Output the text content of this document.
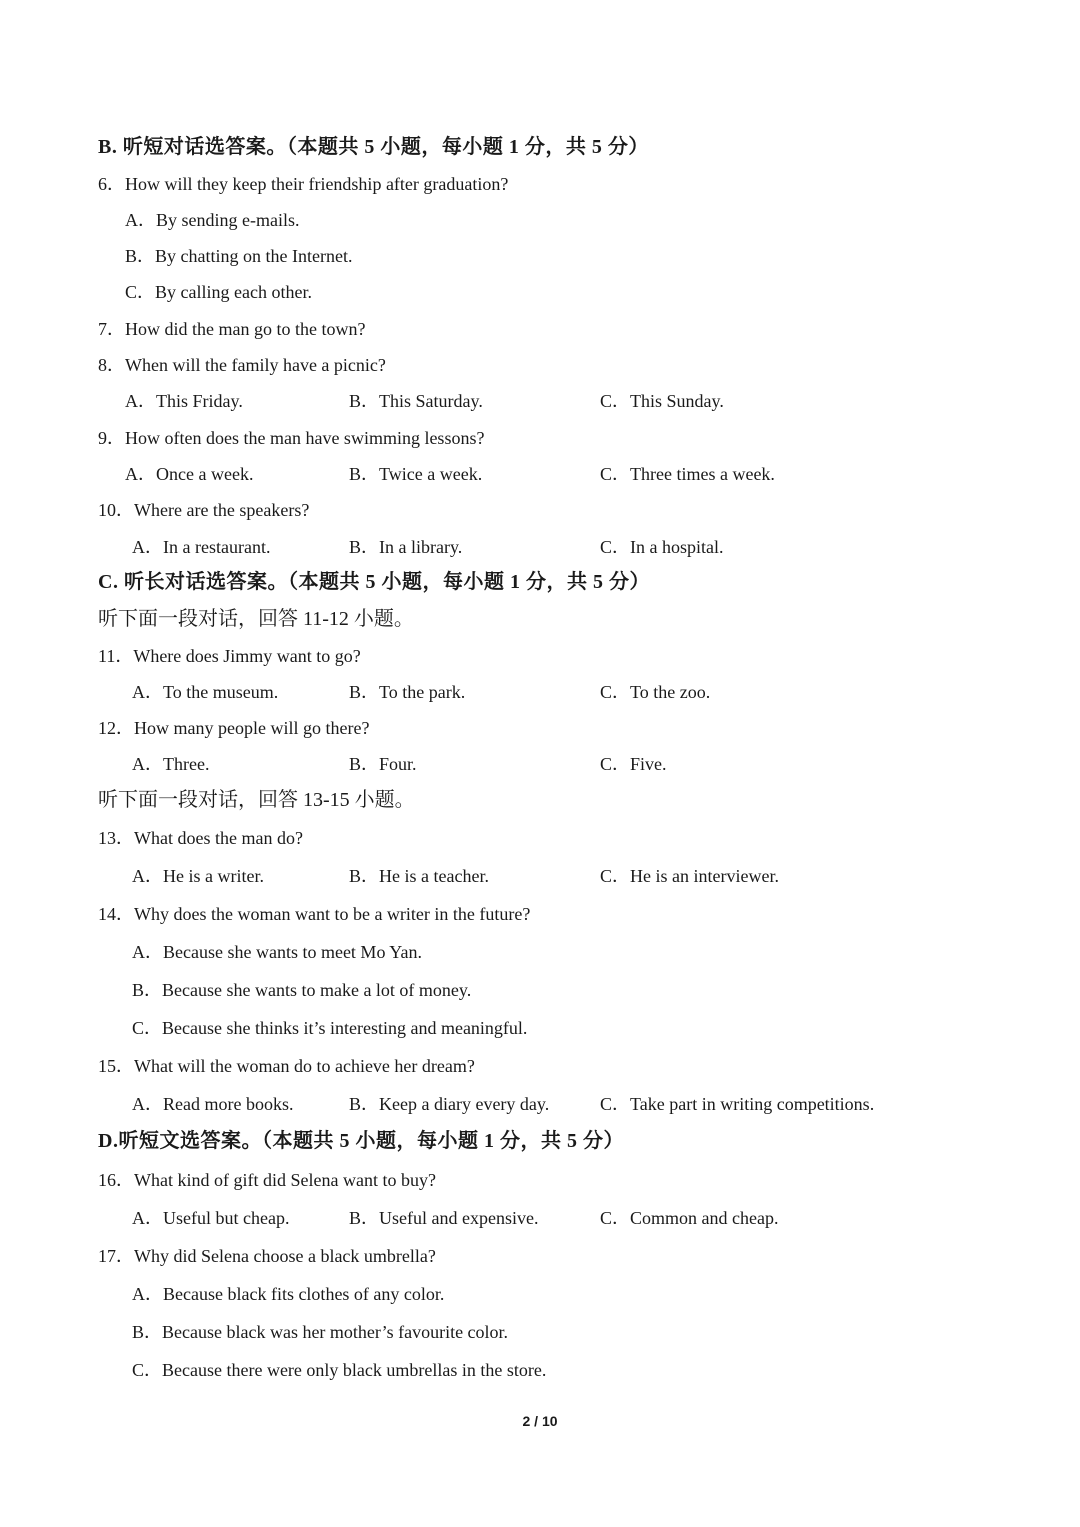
B. 听短对话选答案。（本题共 5 小题，每小题 1 分，共 5 分）
6．How will they keep their friendship after graduation?
A．By sending e-mails.
B．By chatting on the Internet.
C．By calling each other.
7．How did the man go to the town?
8．When will the family have a picnic?
A．This Friday.	B．This Saturday.	C．This Sunday.
9．How often does the man have swimming lessons?
A．Once a week.	B．Twice a week.	C．Three times a week.
10．Where are the speakers?
A．In a restaurant.	B．In a library.	C．In a hospital.
C. 听长对话选答案。（本题共 5 小题，每小题 1 分，共 5 分）
听下面一段对话，回答 11-12 小题。
11．Where does Jimmy want to go?
A．To the museum.	B．To the park.	C．To the zoo.
12．How many people will go there?
A．Three.	B．Four.	C．Five.
听下面一段对话，回答 13-15 小题。
13．What does the man do?
A．He is a writer.	B．He is a teacher.	C．He is an interviewer.
14．Why does the woman want to be a writer in the future?
A．Because she wants to meet Mo Yan.
B．Because she wants to make a lot of money.
C．Because she thinks it’s interesting and meaningful.
15．What will the woman do to achieve her dream?
A．Read more books.	B．Keep a diary every day.	C．Take part in writing competitions.
D.听短文选答案。（本题共 5 小题，每小题 1 分，共 5 分）
16．What kind of gift did Selena want to buy?
A．Useful but cheap.	B．Useful and expensive.	C．Common and cheap.
17．Why did Selena choose a black umbrella?
A．Because black fits clothes of any color.
B．Because black was her mother’s favourite color.
C．Because there were only black umbrellas in the store.
2 / 10
